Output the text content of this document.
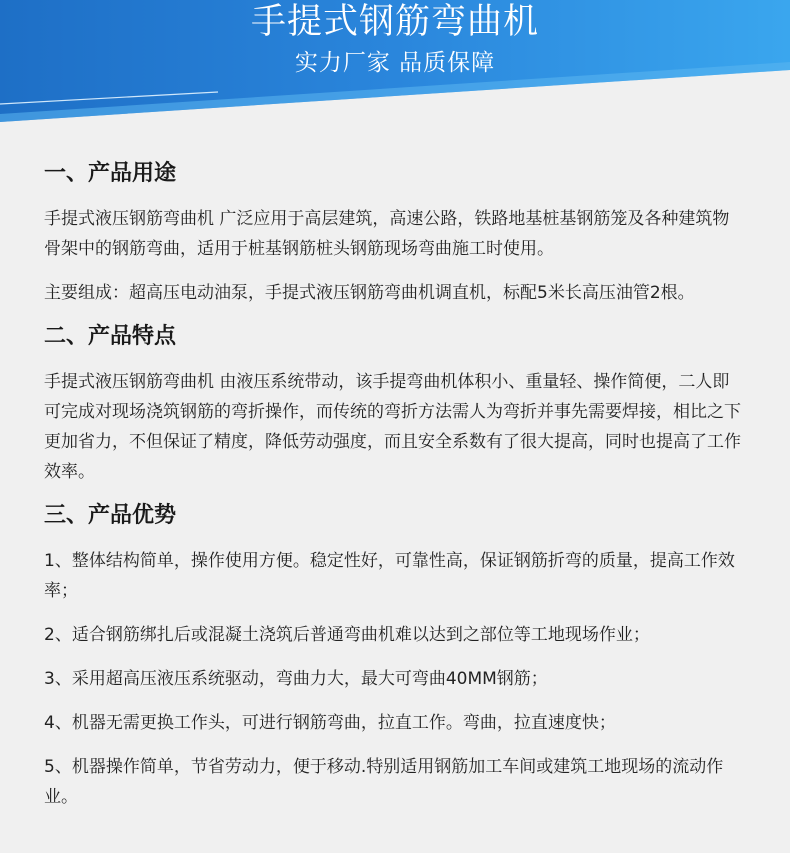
手提式钢筋弯曲机
实力厂家 品质保障
一、产品用途

手提式液压钢筋弯曲机 广泛应用于高层建筑，高速公路，铁路地基桩基钢筋笼及各种建筑物骨架中的钢筋弯曲，适用于桩基钢筋桩头钢筋现场弯曲施工时使用。

主要组成：超高压电动油泵，手提式液压钢筋弯曲机调直机，标配5米长高压油管2根。

二、产品特点

手提式液压钢筋弯曲机 由液压系统带动，该手提弯曲机体积小、重量轻、操作简便，二人即可完成对现场浇筑钢筋的弯折操作，而传统的弯折方法需人为弯折并事先需要焊接，相比之下更加省力，不但保证了精度，降低劳动强度，而且安全系数有了很大提高，同时也提高了工作效率。

三、产品优势

1、整体结构简单，操作使用方便。稳定性好，可靠性高，保证钢筋折弯的质量，提高工作效率；

2、适合钢筋绑扎后或混凝土浇筑后普通弯曲机难以达到之部位等工地现场作业；

3、采用超高压液压系统驱动，弯曲力大，最大可弯曲40MM钢筋；

4、机器无需更换工作头，可进行钢筋弯曲，拉直工作。弯曲，拉直速度快；

5、机器操作简单，节省劳动力，便于移动.特别适用钢筋加工车间或建筑工地现场的流动作业。
